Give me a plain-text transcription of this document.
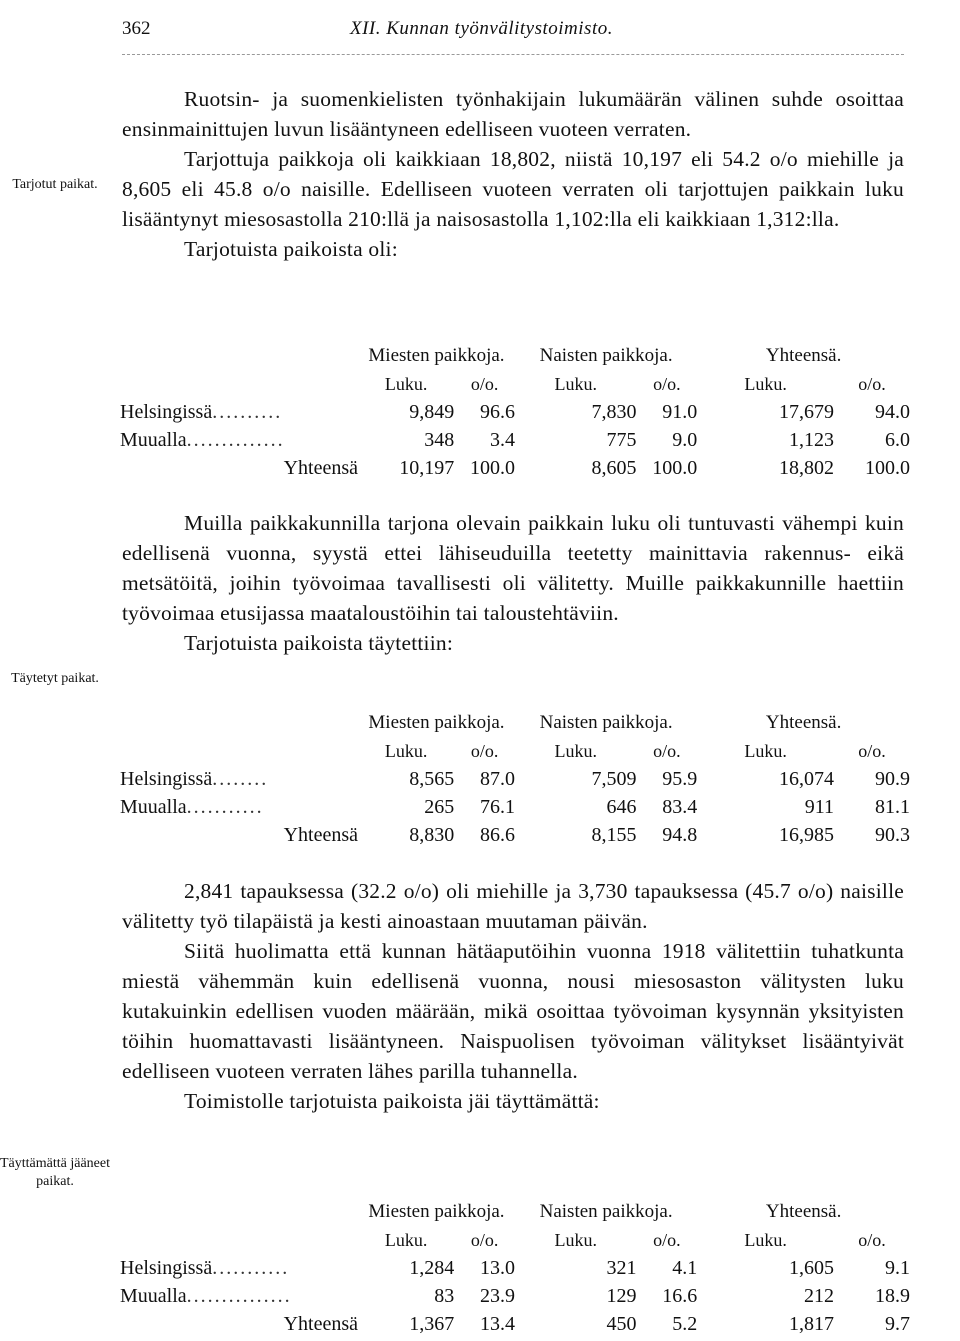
362	XII. Kunnan työnvälitystoimisto.
Tarjotut paikat.
Täytetyt paikat.
Täyttämättä jääneet paikat.

Ruotsin- ja suomenkielisten työnhakijain lukumäärän välinen suhde osoittaa ensinmainittujen luvun lisääntyneen edelliseen vuoteen verraten.

Tarjottuja paikkoja oli kaikkiaan 18,802, niistä 10,197 eli 54.2 o/o miehille ja 8,605 eli 45.8 o/o naisille. Edelliseen vuoteen verraten oli tarjottujen paikkain luku lisääntynyt miesosastolla 210:llä ja naisosastolla 1,102:lla eli kaikkiaan 1,312:lla.

Tarjotuista paikoista oli:

	Miesten paikkoja.		Naisten paikkoja.		Yhteensä.	
	Luku.	o/o.	Luku.	o/o.	Luku.	o/o.
Helsingissä..........	9,849	96.6	7,830	91.0	17,679	94.0
Muualla..............	348	3.4	775	9.0	1,123	6.0
Yhteensä	10,197	100.0	8,605	100.0	18,802	100.0

Muilla paikkakunnilla tarjona olevain paikkain luku oli tuntuvasti vähempi kuin edellisenä vuonna, syystä ettei lähiseuduilla teetetty mainittavia rakennus- eikä metsätöitä, joihin työvoimaa tavallisesti oli välitetty. Muille paikkakunnille haettiin työvoimaa etusijassa maataloustöihin tai taloustehtäviin.

Tarjotuista paikoista täytettiin:

	Miesten paikkoja.		Naisten paikkoja.		Yhteensä.	
	Luku.	o/o.	Luku.	o/o.	Luku.	o/o.
Helsingissä........	8,565	87.0	7,509	95.9	16,074	90.9
Muualla...........	265	76.1	646	83.4	911	81.1
Yhteensä	8,830	86.6	8,155	94.8	16,985	90.3

2,841 tapauksessa (32.2 o/o) oli miehille ja 3,730 tapauksessa (45.7 o/o) naisille välitetty työ tilapäistä ja kesti ainoastaan muutaman päivän.

Siitä huolimatta että kunnan hätäaputöihin vuonna 1918 välitettiin tuhatkunta miestä vähemmän kuin edellisenä vuonna, nousi miesosaston välitysten luku kutakuinkin edellisen vuoden määrään, mikä osoittaa työvoiman kysynnän yksityisten töihin huomattavasti lisääntyneen. Naispuolisen työvoiman välitykset lisääntyivät edelliseen vuoteen verraten lähes parilla tuhannella.

Toimistolle tarjotuista paikoista jäi täyttämättä:

	Miesten paikkoja.		Naisten paikkoja.		Yhteensä.	
	Luku.	o/o.	Luku.	o/o.	Luku.	o/o.
Helsingissä...........	1,284	13.0	321	4.1	1,605	9.1
Muualla...............	83	23.9	129	16.6	212	18.9
Yhteensä	1,367	13.4	450	5.2	1,817	9.7
